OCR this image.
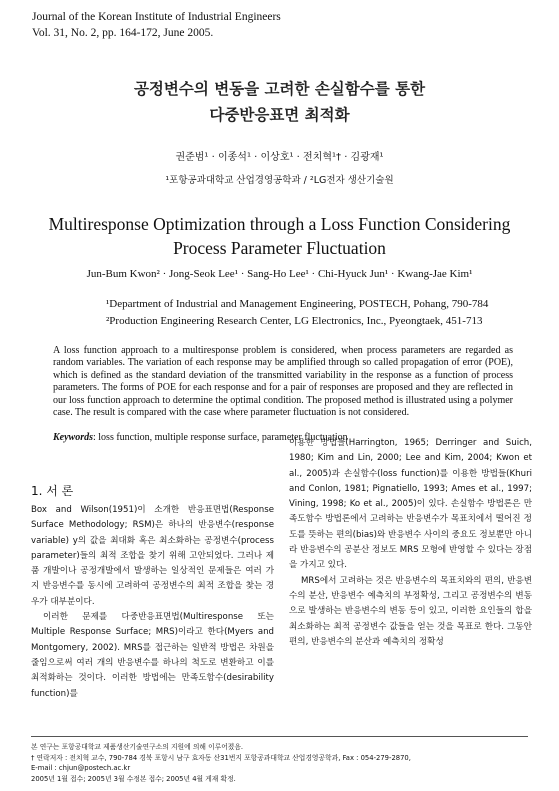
Journal of the Korean Institute of Industrial Engineers
Vol. 31, No. 2, pp. 164-172, June 2005.
공정변수의 변동을 고려한 손실함수를 통한
다중반응표면 최적화
권준범¹ · 이종석¹ · 이상호¹ · 전치혁¹† · 김광재¹
¹포항공과대학교 산업경영공학과 / ²LG전자 생산기술원
Multiresponse Optimization through a Loss Function Considering
Process Parameter Fluctuation
Jun-Bum Kwon² · Jong-Seok Lee¹ · Sang-Ho Lee¹ · Chi-Hyuck Jun¹ · Kwang-Jae Kim¹
¹Department of Industrial and Management Engineering, POSTECH, Pohang, 790-784
²Production Engineering Research Center, LG Electronics, Inc., Pyeongtaek, 451-713
A loss function approach to a multiresponse problem is considered, when process parameters are regarded as random variables. The variation of each response may be amplified through so called propagation of error (POE), which is defined as the standard deviation of the transmitted variability in the response as a function of process parameters. The forms of POE for each response and for a pair of responses are proposed and they are reflected in our loss function approach to determine the optimal condition. The proposed method is illustrated using a polymer case. The result is compared with the case where parameter fluctuation is not considered.
Keywords: loss function, multiple response surface, parameter fluctuation
1. 서 론

Box and Wilson(1951)이 소개한 반응표면법(Response Surface Methodology; RSM)은 하나의 반응변수(response variable) y의 값을 최대화 혹은 최소화하는 공정변수(process parameter)들의 최적 조합을 찾기 위해 고안되었다. 그러나 제품 개발이나 공정개발에서 발생하는 일상적인 문제들은 여러 가지 반응변수를 동시에 고려하여 공정변수의 최적 조합을 찾는 경우가 대부분이다.

이러한 문제를 다중반응표면법(Multiresponse 또는 Multiple Response Surface; MRS)이라고 한다(Myers and Montgomery, 2002). MRS를 접근하는 일반적 방법은 차원을 줄임으로써 여러 개의 반응변수를 하나의 척도로 변환하고 이를 최적화하는 것이다. 이러한 방법에는 만족도함수(desirability function)를

이용한 방법들(Harrington, 1965; Derringer and Suich, 1980; Kim and Lin, 2000; Lee and Kim, 2004; Kwon et al., 2005)과 손실함수(loss function)를 이용한 방법들(Khuri and Conlon, 1981; Pignatiello, 1993; Ames et al., 1997; Vining, 1998; Ko et al., 2005)이 있다. 손실함수 방법론은 만족도함수 방법론에서 고려하는 반응변수가 목표치에서 떨어진 정도를 뜻하는 편의(bias)와 반응변수 사이의 중요도 정보뿐만 아니라 반응변수의 공분산 정보도 MRS 모형에 반영할 수 있다는 장점을 가지고 있다.

MRS에서 고려하는 것은 반응변수의 목표치와의 편의, 반응변수의 분산, 반응변수 예측치의 부정확성, 그리고 공정변수의 변동으로 발생하는 반응변수의 변동 등이 있고, 이러한 요인들의 합을 최소화하는 최적 공정변수 값들을 얻는 것을 목표로 한다. 그동안 편의, 반응변수의 분산과 예측치의 정확성

본 연구는 포항공대학교 제품생산기술연구소의 지원에 의해 이루어졌음.
† 연락저자 : 전치혁 교수, 790-784 경북 포항시 남구 효자동 산31번지 포항공과대학교 산업경영공학과, Fax : 054-279-2870,
E-mail : chjun@postech.ac.kr
2005년 1월 접수; 2005년 3월 수정본 접수; 2005년 4월 게재 확정.
